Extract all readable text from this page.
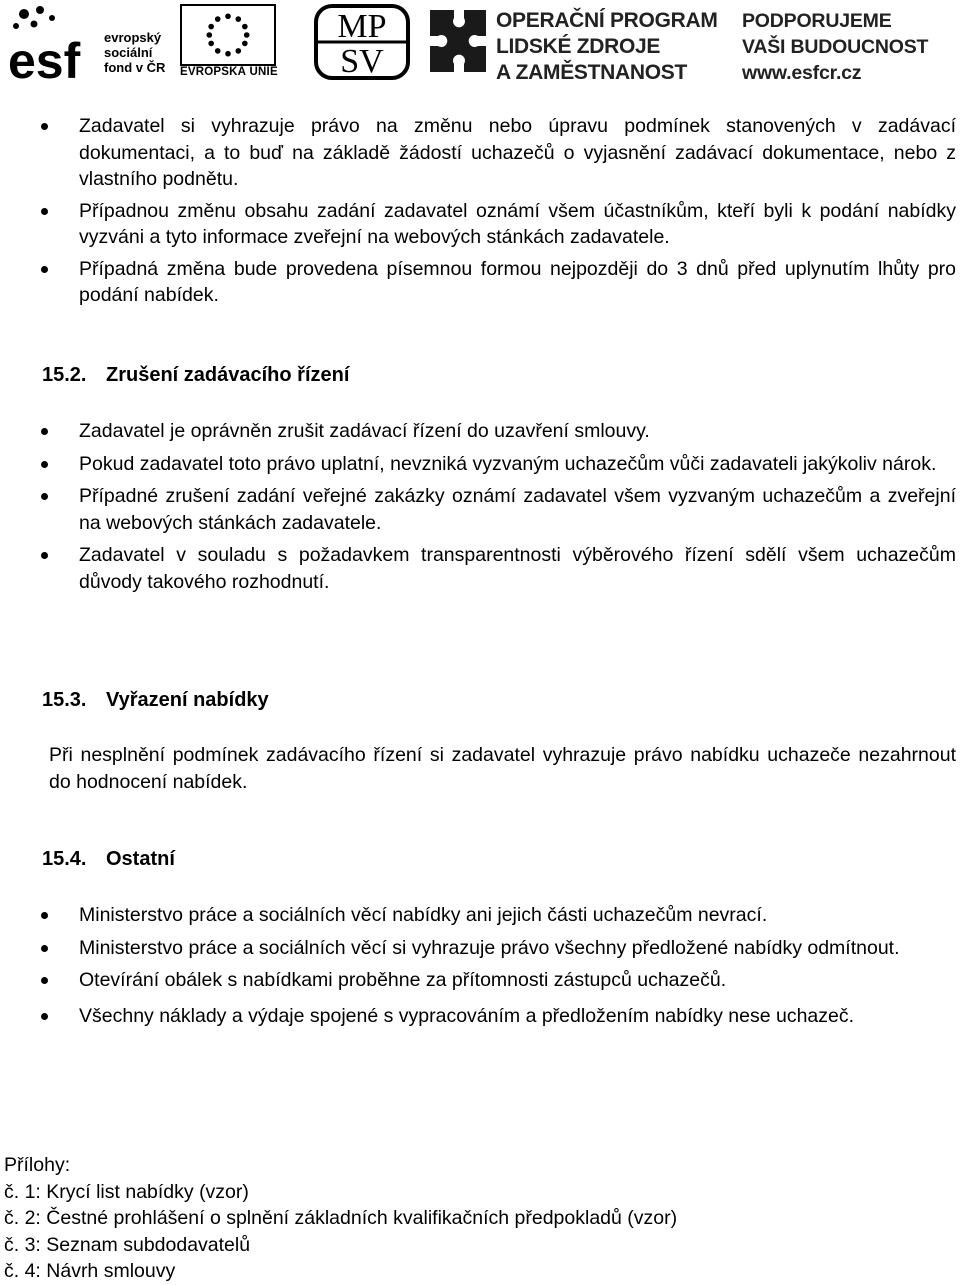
esf evropský
sociální
fond v ČR EVROPSKÁ UNIE
MP
SV
OPERAČNÍ PROGRAM
LIDSKÉ ZDROJE
A ZAMĚSTNANOST
PODPORUJEME
VAŠI BUDOUCNOST
www.esfcr.cz
Zadavatel si vyhrazuje právo na změnu nebo úpravu podmínek stanovených v zadávací dokumentaci, a to buď na základě žádostí uchazečů o vyjasnění zadávací dokumentace, nebo z vlastního podnětu.
Případnou změnu obsahu zadání zadavatel oznámí všem účastníkům, kteří byli k podání nabídky vyzváni a tyto informace zveřejní na webových stánkách zadavatele.
Případná změna bude provedena písemnou formou nejpozději do 3 dnů před uplynutím lhůty pro podání nabídek.
15.2. Zrušení zadávacího řízení
Zadavatel je oprávněn zrušit zadávací řízení do uzavření smlouvy.
Pokud zadavatel toto právo uplatní, nevzniká vyzvaným uchazečům vůči zadavateli jakýkoliv nárok.
Případné zrušení zadání veřejné zakázky oznámí zadavatel všem vyzvaným uchazečům a zveřejní na webových stánkách zadavatele.
Zadavatel v souladu s požadavkem transparentnosti výběrového řízení sdělí všem uchazečům důvody takového rozhodnutí.
15.3. Vyřazení nabídky
Při nesplnění podmínek zadávacího řízení si zadavatel vyhrazuje právo nabídku uchazeče nezahrnout do hodnocení nabídek.
15.4. Ostatní
Ministerstvo práce a sociálních věcí nabídky ani jejich části uchazečům nevrací.
Ministerstvo práce a sociálních věcí si vyhrazuje právo všechny předložené nabídky odmítnout.
Otevírání obálek s nabídkami proběhne za přítomnosti zástupců uchazečů.
Všechny náklady a výdaje spojené s vypracováním a předložením nabídky nese uchazeč.
Přílohy:
č. 1: Krycí list nabídky (vzor)
č. 2: Čestné prohlášení o splnění základních kvalifikačních předpokladů (vzor)
č. 3: Seznam subdodavatelů
č. 4: Návrh smlouvy
